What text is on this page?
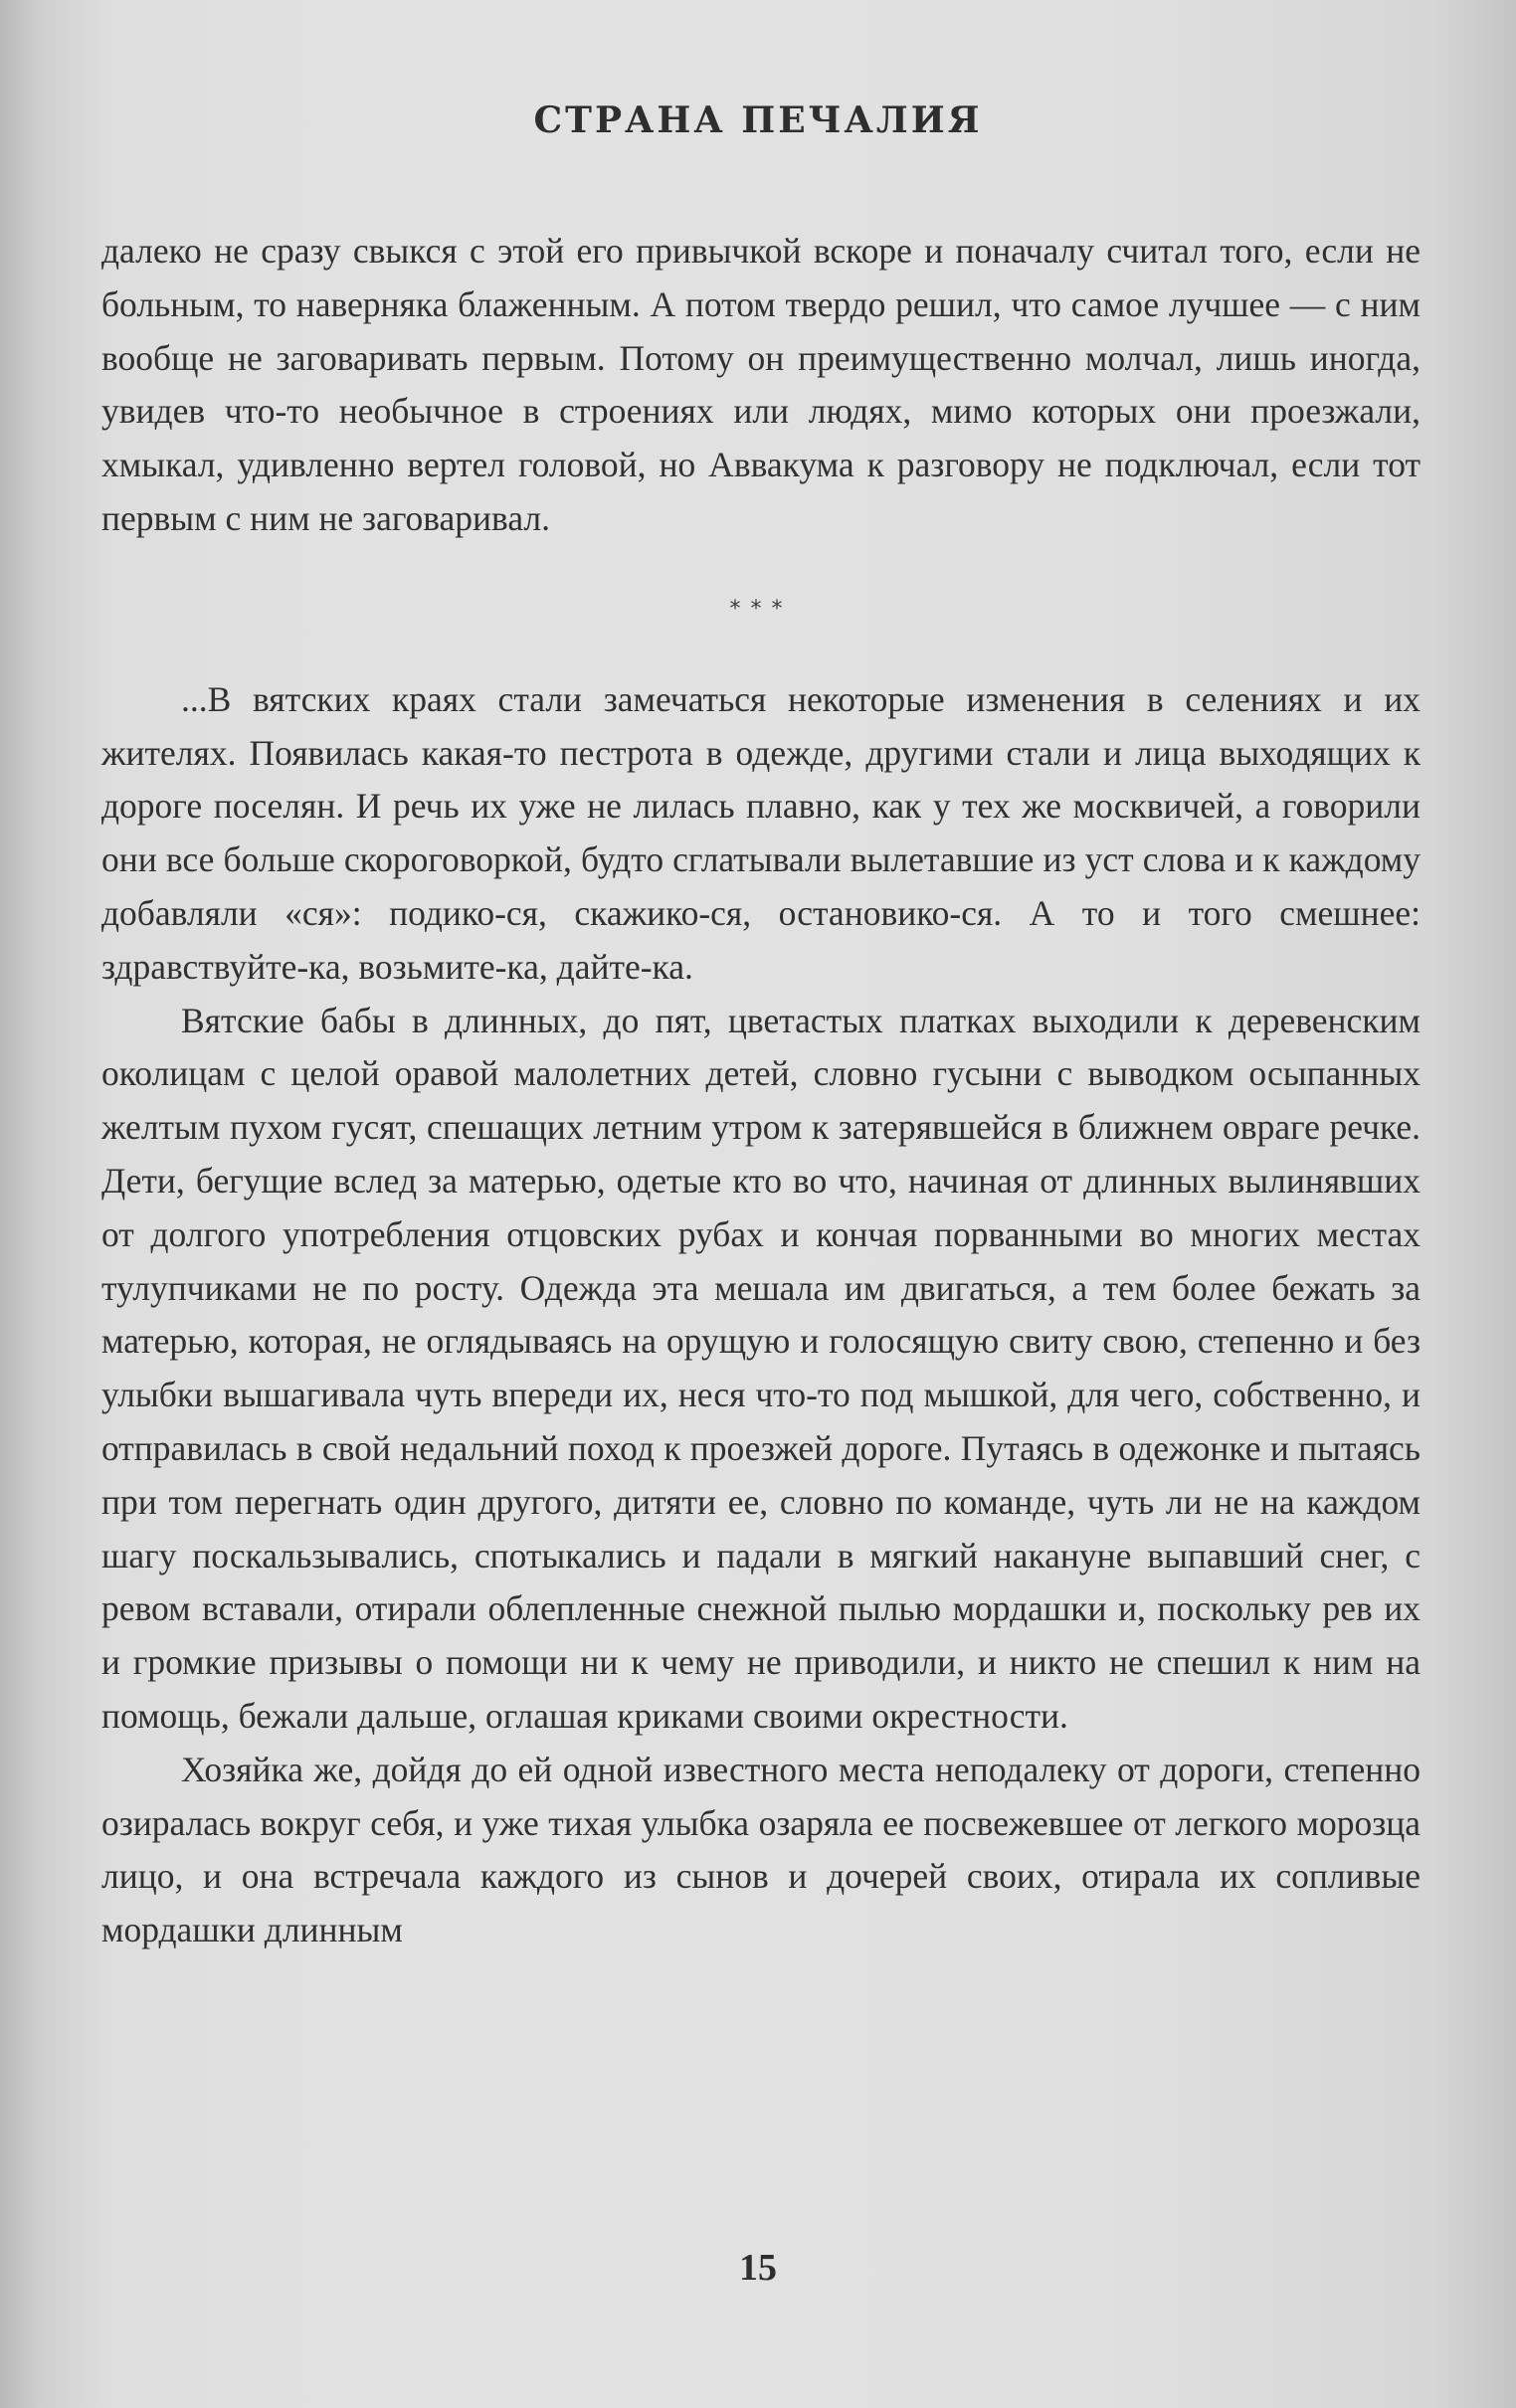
СТРАНА ПЕЧАЛИЯ

далеко не сразу свыкся с этой его привычкой вскоре и поначалу считал того, если не больным, то наверняка блаженным. А потом твердо решил, что самое лучшее — с ним вообще не заговаривать первым. Потому он преимущественно молчал, лишь иногда, увидев что-то необычное в строениях или людях, мимо которых они проезжали, хмыкал, удивленно вертел головой, но Аввакума к разговору не подключал, если тот первым с ним не заговаривал.

***

...В вятских краях стали замечаться некоторые изменения в селениях и их жителях. Появилась какая-то пестрота в одежде, другими стали и лица выходящих к дороге поселян. И речь их уже не лилась плавно, как у тех же москвичей, а говорили они все больше скороговоркой, будто сглатывали вылетавшие из уст слова и к каждому добавляли «ся»: подико-ся, скажико-ся, остановико-ся. А то и того смешнее: здравствуйте-ка, возьмите-ка, дайте-ка.

Вятские бабы в длинных, до пят, цветастых платках выходили к деревенским околицам с целой оравой малолетних детей, словно гусыни с выводком осыпанных желтым пухом гусят, спешащих летним утром к затерявшейся в ближнем овраге речке. Дети, бегущие вслед за матерью, одетые кто во что, начиная от длинных вылинявших от долгого употребления отцовских рубах и кончая порванными во многих местах тулупчиками не по росту. Одежда эта мешала им двигаться, а тем более бежать за матерью, которая, не оглядываясь на орущую и голосящую свиту свою, степенно и без улыбки вышагивала чуть впереди их, неся что-то под мышкой, для чего, собственно, и отправилась в свой недальний поход к проезжей дороге. Путаясь в одежонке и пытаясь при том перегнать один другого, дитяти ее, словно по команде, чуть ли не на каждом шагу поскальзывались, спотыкались и падали в мягкий накануне выпавший снег, с ревом вставали, отирали облепленные снежной пылью мордашки и, поскольку рев их и громкие призывы о помощи ни к чему не приводили, и никто не спешил к ним на помощь, бежали дальше, оглашая криками своими окрестности.

Хозяйка же, дойдя до ей одной известного места неподалеку от дороги, степенно озиралась вокруг себя, и уже тихая улыбка озаряла ее посвежевшее от легкого морозца лицо, и она встречала каждого из сынов и дочерей своих, отирала их сопливые мордашки длинным

15
